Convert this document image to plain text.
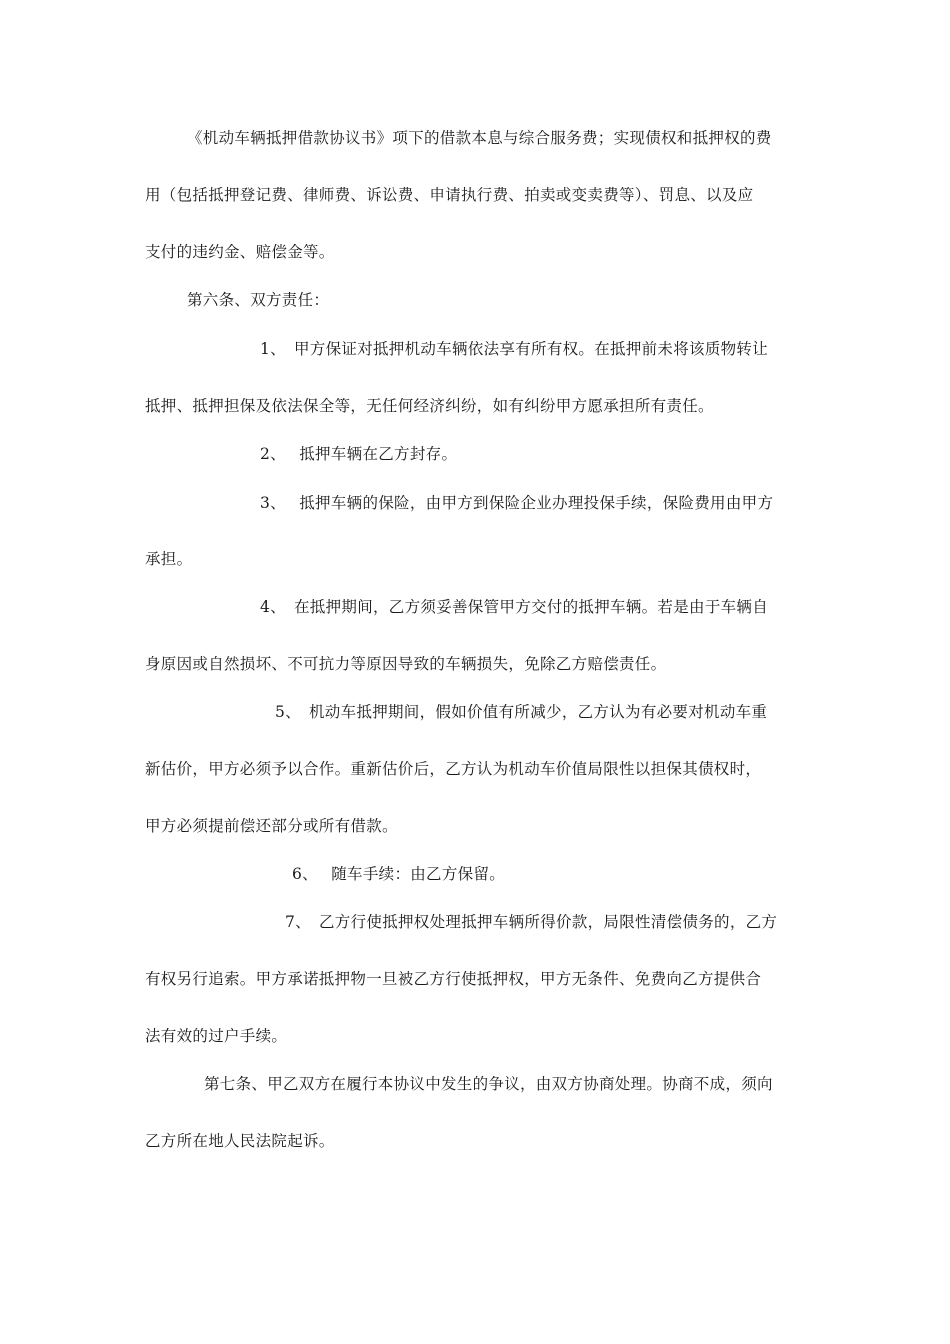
《机动车辆抵押借款协议书》项下的借款本息与综合服务费；实现债权和抵押权的费
用（包括抵押登记费、律师费、诉讼费、申请执行费、拍卖或变卖费等）、罚息、以及应
支付的违约金、赔偿金等。
第六条、双方责任：
1、　甲方保证对抵押机动车辆依法享有所有权。在抵押前未将该质物转让
抵押、抵押担保及依法保全等，无任何经济纠纷，如有纠纷甲方愿承担所有责任。
2、　 抵押车辆在乙方封存。
3、　 抵押车辆的保险，由甲方到保险企业办理投保手续，保险费用由甲方
承担。
4、　在抵押期间，乙方须妥善保管甲方交付的抵押车辆。若是由于车辆自
身原因或自然损坏、不可抗力等原因导致的车辆损失，免除乙方赔偿责任。
5、　机动车抵押期间，假如价值有所减少，乙方认为有必要对机动车重
新估价，甲方必须予以合作。重新估价后，乙方认为机动车价值局限性以担保其债权时，
甲方必须提前偿还部分或所有借款。
6、　 随车手续：由乙方保留。
7、　乙方行使抵押权处理抵押车辆所得价款，局限性清偿债务的，乙方
有权另行追索。甲方承诺抵押物一旦被乙方行使抵押权，甲方无条件、免费向乙方提供合
法有效的过户手续。
第七条、甲乙双方在履行本协议中发生的争议，由双方协商处理。协商不成，须向
乙方所在地人民法院起诉。
